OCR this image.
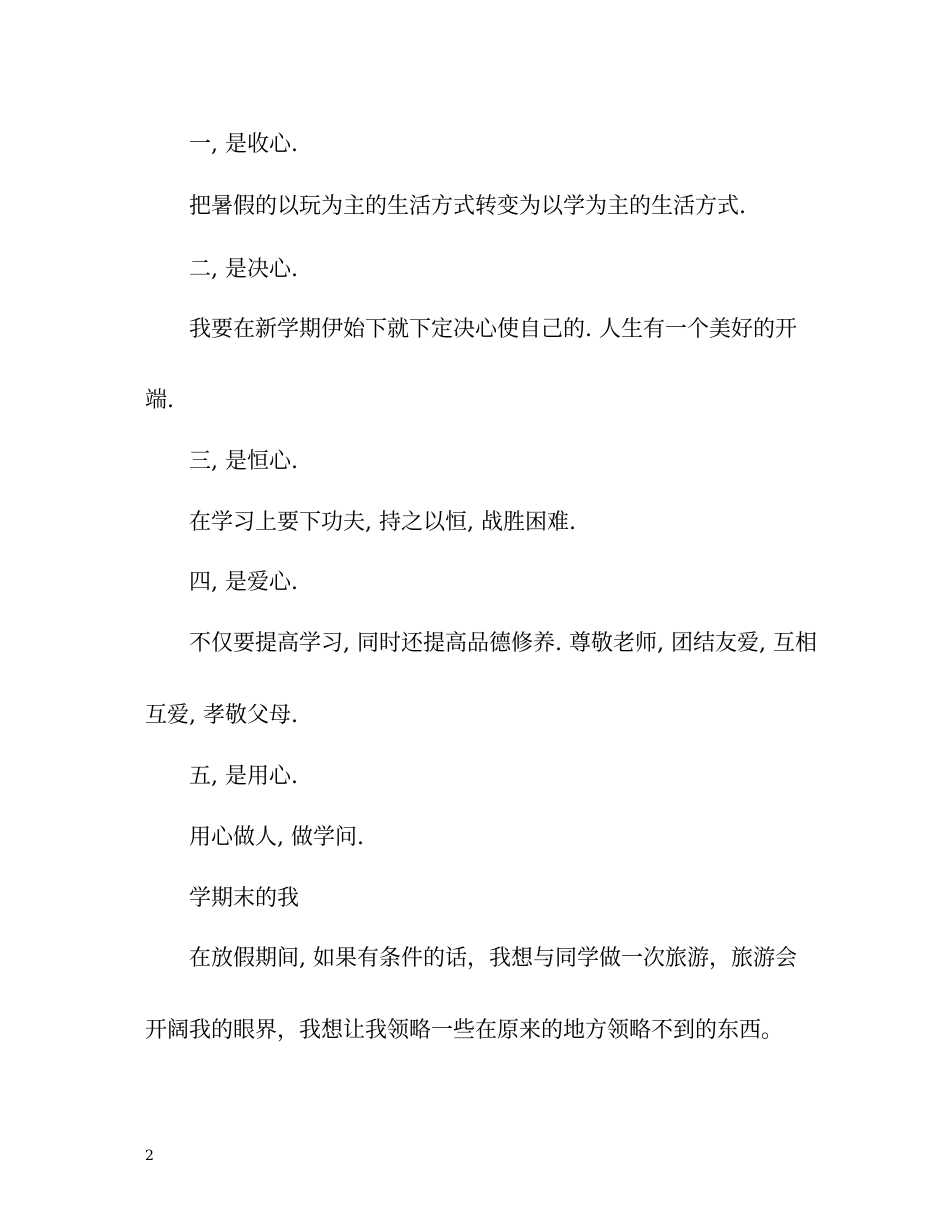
一, 是收心.
把暑假的以玩为主的生活方式转变为以学为主的生活方式.
二, 是决心.
我要在新学期伊始下就下定决心使自己的. 人生有一个美好的开
端.
三, 是恒心.
在学习上要下功夫, 持之以恒, 战胜困难.
四, 是爱心.
不仅要提高学习, 同时还提高品德修养. 尊敬老师, 团结友爱, 互相
互爱, 孝敬父母.
五, 是用心.
用心做人, 做学问.
学期末的我
在放假期间, 如果有条件的话，我想与同学做一次旅游，旅游会
开阔我的眼界，我想让我领略一些在原来的地方领略不到的东西。
2
